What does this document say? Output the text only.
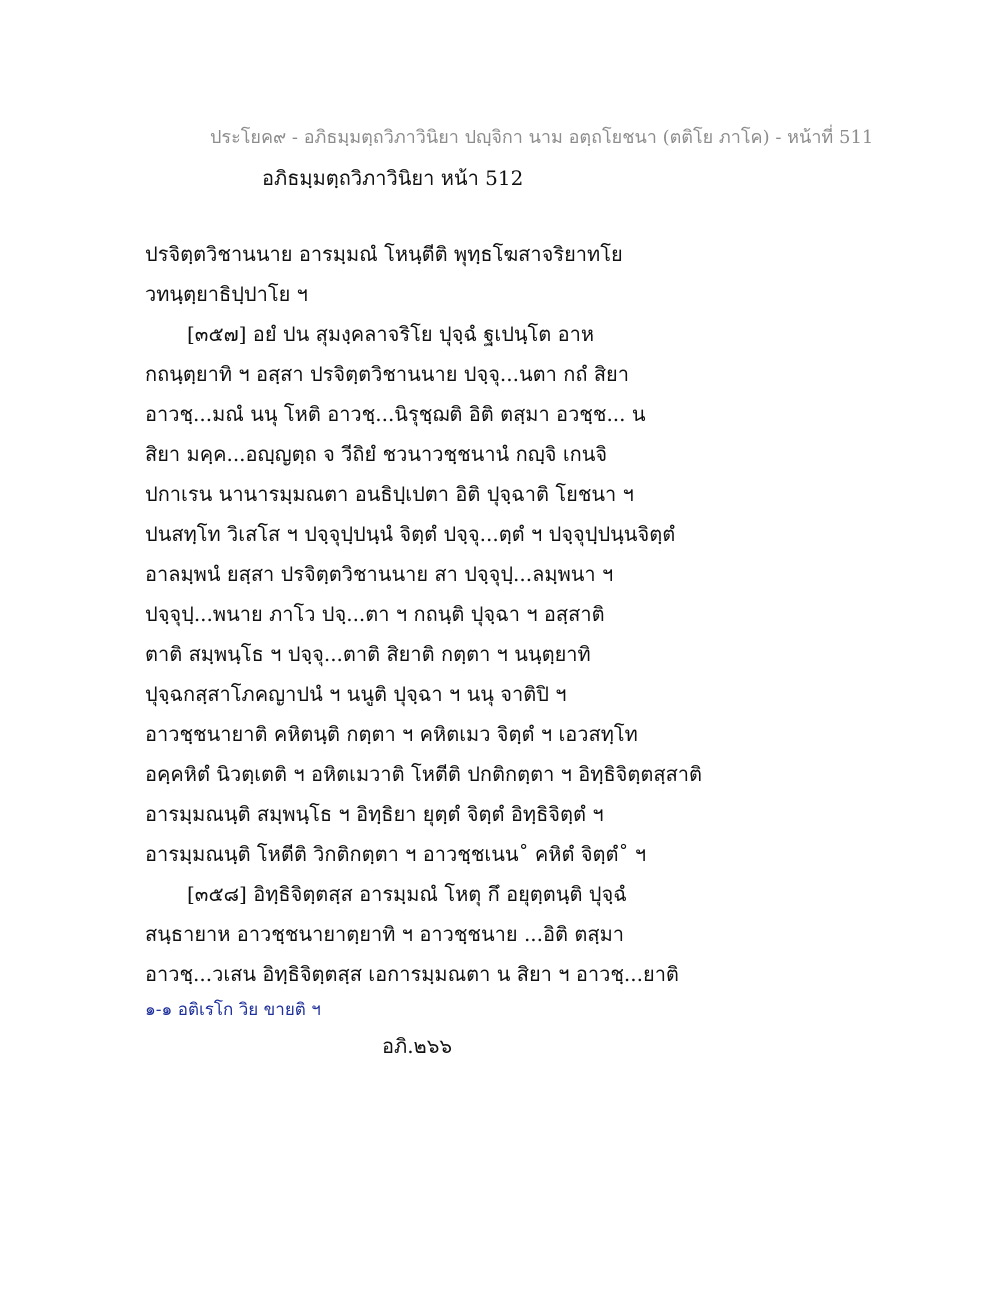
ประโยค๙ - อภิธมฺมตฺถวิภาวินิยา ปญฺจิกา นาม อตฺถโยชนา (ตติโย ภาโค) - หน้าที่ 511
อภิธมฺมตฺถวิภาวินิยา หน้า 512
ปรจิตฺตวิชานนาย อารมฺมณํ โหนฺตีติ พุทฺธโฆสาจริยาทโย
วทนฺตฺยาธิปฺปาโย ฯ
[๓๕๗] อยํ ปน สุมงฺคลาจริโย ปุจฺฉํ ฐเปนฺโต อาห
กถนฺตฺยาทิ ฯ อสฺสา ปรจิตฺตวิชานนาย ปจฺจุ...นตา กถํ สิยา
อาวชฺ...มณํ นนุ โหติ อาวชฺ...นิรุชฺฌติ อิติ ตสฺมา อวชฺช... น
สิยา มคฺค...อญฺญตฺถ จ วีถิยํ ชวนาวชฺชนานํ กญฺจิ เกนจิ
ปกาเรน นานารมฺมณตา อนธิปฺเปตา อิติ ปุจฺฉาติ โยชนา ฯ
ปนสทฺโท วิเสโส ฯ ปจฺจุปฺปนฺนํ จิตฺตํ ปจฺจุ...ตฺตํ ฯ ปจฺจุปฺปนฺนจิตฺตํ
อาลมฺพนํ ยสฺสา ปรจิตฺตวิชานนาย สา ปจฺจุปฺ...ลมฺพนา ฯ
ปจฺจุปฺ...พนาย ภาโว ปจฺ...ตา ฯ กถนฺติ ปุจฺฉา ฯ อสฺสาติ
ตาติ สมฺพนฺโธ ฯ ปจฺจุ...ตาติ สิยาติ กตฺตา ฯ นนฺตฺยาทิ
ปุจฺฉกสฺสาโภคญาปนํ ฯ นนูติ ปุจฺฉา ฯ นนุ จาติปิ ฯ
อาวชฺชนายาติ คหิตนฺติ กตฺตา ฯ คหิตเมว จิตฺตํ ฯ เอวสทฺโท
อคฺคหิตํ นิวตฺเตติ ฯ อหิตเมวาติ โหตีติ ปกติกตฺตา ฯ อิทฺธิจิตฺตสฺสาติ
อารมฺมณนฺติ สมฺพนฺโธ ฯ อิทฺธิยา ยุตฺตํ จิตฺตํ อิทฺธิจิตฺตํ ฯ
อารมฺมณนฺติ โหตีติ วิกติกตฺตา ฯ อาวชฺชเนน˚ คหิตํ จิตฺตํ˚ ฯ
[๓๕๘] อิทฺธิจิตฺตสฺส อารมฺมณํ โหตุ กึ อยุตฺตนฺติ ปุจฺฉํ
สนฺธายาห อาวชฺชนายาตฺยาทิ ฯ อาวชฺชนาย ...อิติ ตสฺมา
อาวชฺ...วเสน อิทฺธิจิตฺตสฺส เอการมฺมณตา น สิยา ฯ อาวชฺ...ยาติ
๑-๑ อติเรโก วิย ขายติ ฯ
อภิ.๒๖๖
